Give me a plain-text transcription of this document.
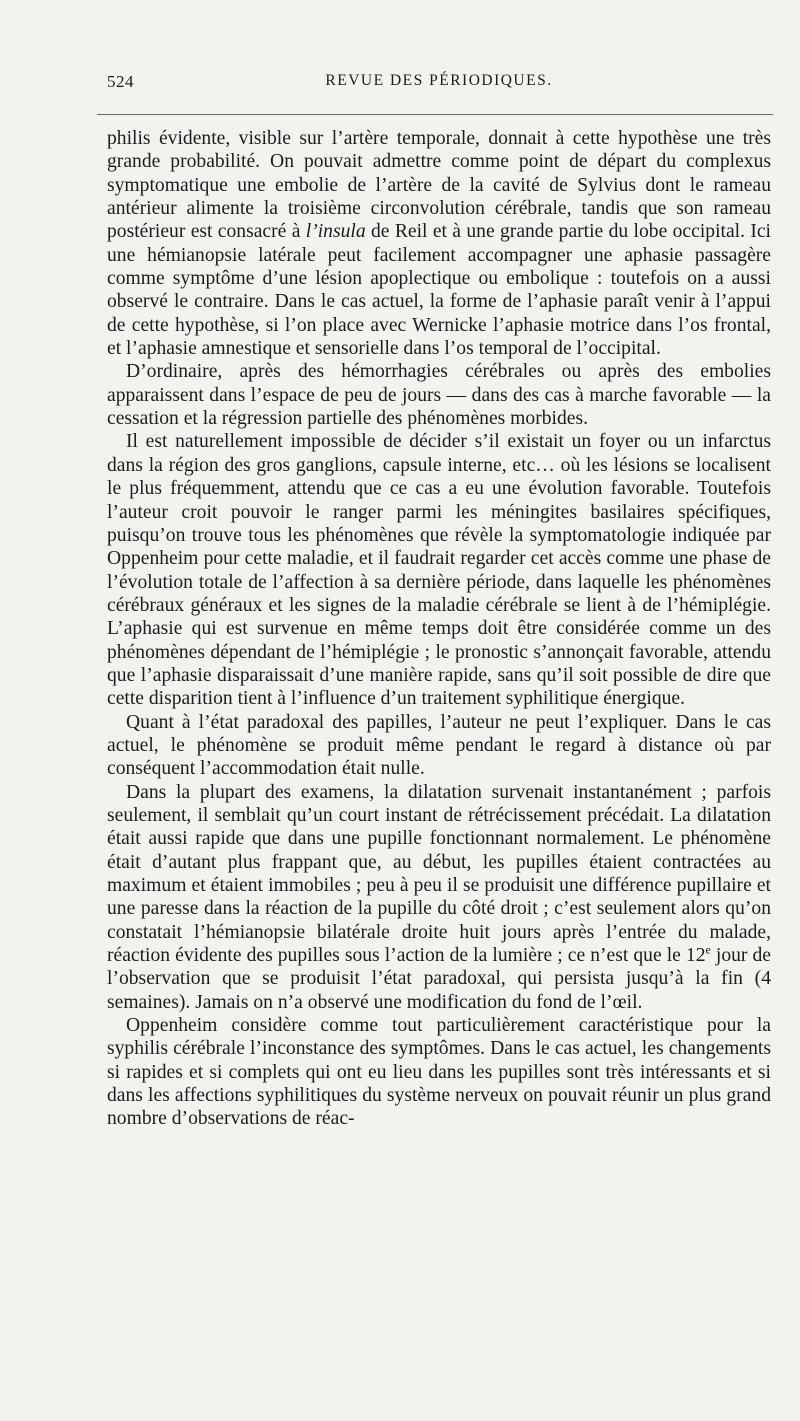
524	REVUE DES PÉRIODIQUES.

philis évidente, visible sur l’artère temporale, donnait à cette hypothèse une très grande probabilité. On pouvait admettre comme point de départ du complexus symptomatique une embolie de l’artère de la cavité de Sylvius dont le rameau antérieur alimente la troisième circonvolution cérébrale, tandis que son rameau postérieur est consacré à l’insula de Reil et à une grande partie du lobe occipital. Ici une hémianopsie latérale peut facilement accompagner une aphasie passagère comme symptôme d’une lésion apoplectique ou embolique : toutefois on a aussi observé le contraire. Dans le cas actuel, la forme de l’aphasie paraît venir à l’appui de cette hypothèse, si l’on place avec Wernicke l’aphasie motrice dans l’os frontal, et l’aphasie amnestique et sensorielle dans l’os temporal de l’occipital.

D’ordinaire, après des hémorrhagies cérébrales ou après des embolies apparaissent dans l’espace de peu de jours — dans des cas à marche favorable — la cessation et la régression partielle des phénomènes morbides.

Il est naturellement impossible de décider s’il existait un foyer ou un infarctus dans la région des gros ganglions, capsule interne, etc… où les lésions se localisent le plus fréquemment, attendu que ce cas a eu une évolution favorable. Toutefois l’auteur croit pouvoir le ranger parmi les méningites basilaires spécifiques, puisqu’on trouve tous les phénomènes que révèle la symptomatologie indiquée par Oppenheim pour cette maladie, et il faudrait regarder cet accès comme une phase de l’évolution totale de l’affection à sa dernière période, dans laquelle les phénomènes cérébraux généraux et les signes de la maladie cérébrale se lient à de l’hémiplégie. L’aphasie qui est survenue en même temps doit être considérée comme un des phénomènes dépendant de l’hémiplégie ; le pronostic s’annonçait favorable, attendu que l’aphasie disparaissait d’une manière rapide, sans qu’il soit possible de dire que cette disparition tient à l’influence d’un traitement syphilitique énergique.

Quant à l’état paradoxal des papilles, l’auteur ne peut l’expliquer. Dans le cas actuel, le phénomène se produit même pendant le regard à distance où par conséquent l’accommodation était nulle.

Dans la plupart des examens, la dilatation survenait instantanément ; parfois seulement, il semblait qu’un court instant de rétrécissement précédait. La dilatation était aussi rapide que dans une pupille fonctionnant normalement. Le phénomène était d’autant plus frappant que, au début, les pupilles étaient contractées au maximum et étaient immobiles ; peu à peu il se produisit une différence pupillaire et une paresse dans la réaction de la pupille du côté droit ; c’est seulement alors qu’on constatait l’hémianopsie bilatérale droite huit jours après l’entrée du malade, réaction évidente des pupilles sous l’action de la lumière ; ce n’est que le 12e jour de l’observation que se produisit l’état paradoxal, qui persista jusqu’à la fin (4 semaines). Jamais on n’a observé une modification du fond de l’œil.

Oppenheim considère comme tout particulièrement caractéristique pour la syphilis cérébrale l’inconstance des symptômes. Dans le cas actuel, les changements si rapides et si complets qui ont eu lieu dans les pupilles sont très intéressants et si dans les affections syphilitiques du système nerveux on pouvait réunir un plus grand nombre d’observations de réac-
